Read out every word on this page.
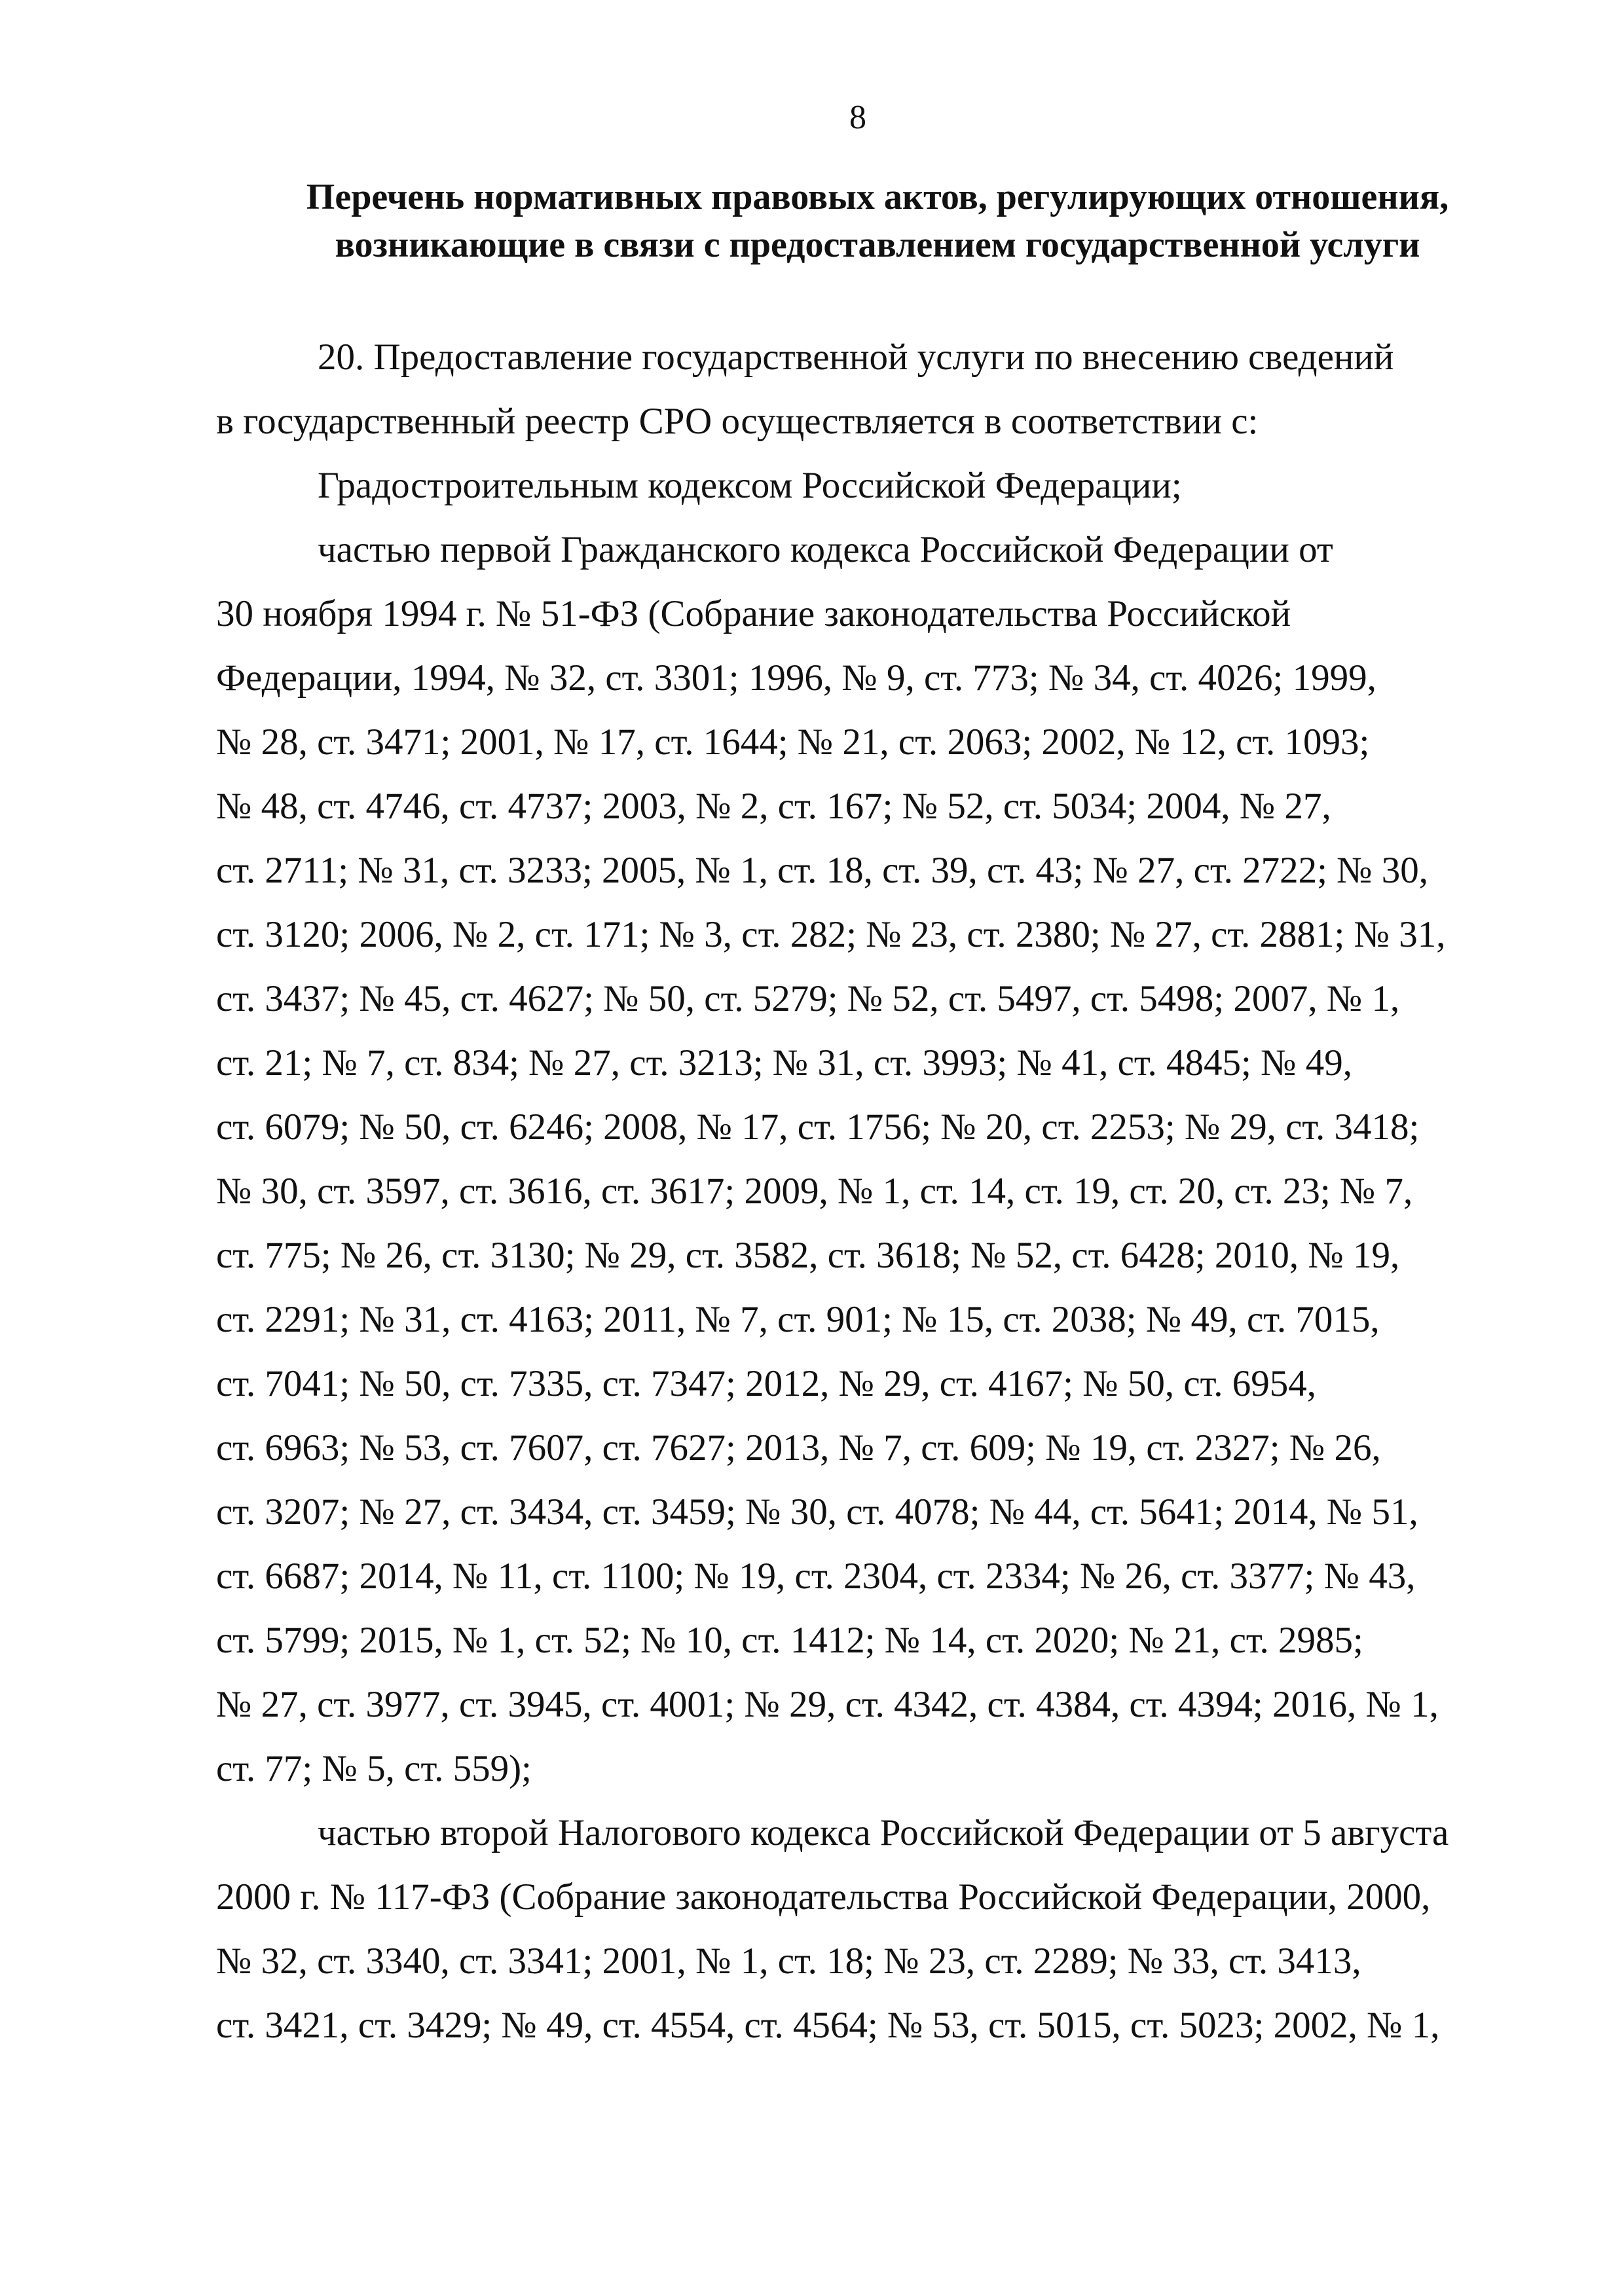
8
Перечень нормативных правовых актов, регулирующих отношения,
возникающие в связи с предоставлением государственной услуги
20. Предоставление государственной услуги по внесению сведений
в государственный реестр СРО осуществляется в соответствии с:
Градостроительным кодексом Российской Федерации;
частью первой Гражданского кодекса Российской Федерации от
30 ноября 1994 г. № 51-ФЗ (Собрание законодательства Российской
Федерации, 1994, № 32, ст. 3301; 1996, № 9, ст. 773; № 34, ст. 4026; 1999,
№ 28, ст. 3471; 2001, № 17, ст. 1644; № 21, ст. 2063; 2002, № 12, ст. 1093;
№ 48, ст. 4746, ст. 4737; 2003, № 2, ст. 167; № 52, ст. 5034; 2004, № 27,
ст. 2711; № 31, ст. 3233; 2005, № 1, ст. 18, ст. 39, ст. 43; № 27, ст. 2722; № 30,
ст. 3120; 2006, № 2, ст. 171; № 3, ст. 282; № 23, ст. 2380; № 27, ст. 2881; № 31,
ст. 3437; № 45, ст. 4627; № 50, ст. 5279; № 52, ст. 5497, ст. 5498; 2007, № 1,
ст. 21; № 7, ст. 834; № 27, ст. 3213; № 31, ст. 3993; № 41, ст. 4845; № 49,
ст. 6079; № 50, ст. 6246; 2008, № 17, ст. 1756; № 20, ст. 2253; № 29, ст. 3418;
№ 30, ст. 3597, ст. 3616, ст. 3617; 2009, № 1, ст. 14, ст. 19, ст. 20, ст. 23; № 7,
ст. 775; № 26, ст. 3130; № 29, ст. 3582, ст. 3618; № 52, ст. 6428; 2010, № 19,
ст. 2291; № 31, ст. 4163; 2011, № 7, ст. 901; № 15, ст. 2038; № 49, ст. 7015,
ст. 7041; № 50, ст. 7335, ст. 7347; 2012, № 29, ст. 4167; № 50, ст. 6954,
ст. 6963; № 53, ст. 7607, ст. 7627; 2013, № 7, ст. 609; № 19, ст. 2327; № 26,
ст. 3207; № 27, ст. 3434, ст. 3459; № 30, ст. 4078; № 44, ст. 5641; 2014, № 51,
ст. 6687; 2014, № 11, ст. 1100; № 19, ст. 2304, ст. 2334; № 26, ст. 3377; № 43,
ст. 5799; 2015, № 1, ст. 52; № 10, ст. 1412; № 14, ст. 2020; № 21, ст. 2985;
№ 27, ст. 3977, ст. 3945, ст. 4001; № 29, ст. 4342, ст. 4384, ст. 4394; 2016, № 1,
ст. 77; № 5, ст. 559);
частью второй Налогового кодекса Российской Федерации от 5 августа
2000 г. № 117-ФЗ (Собрание законодательства Российской Федерации, 2000,
№ 32, ст. 3340, ст. 3341; 2001, № 1, ст. 18; № 23, ст. 2289; № 33, ст. 3413,
ст. 3421, ст. 3429; № 49, ст. 4554, ст. 4564; № 53, ст. 5015, ст. 5023; 2002, № 1,
